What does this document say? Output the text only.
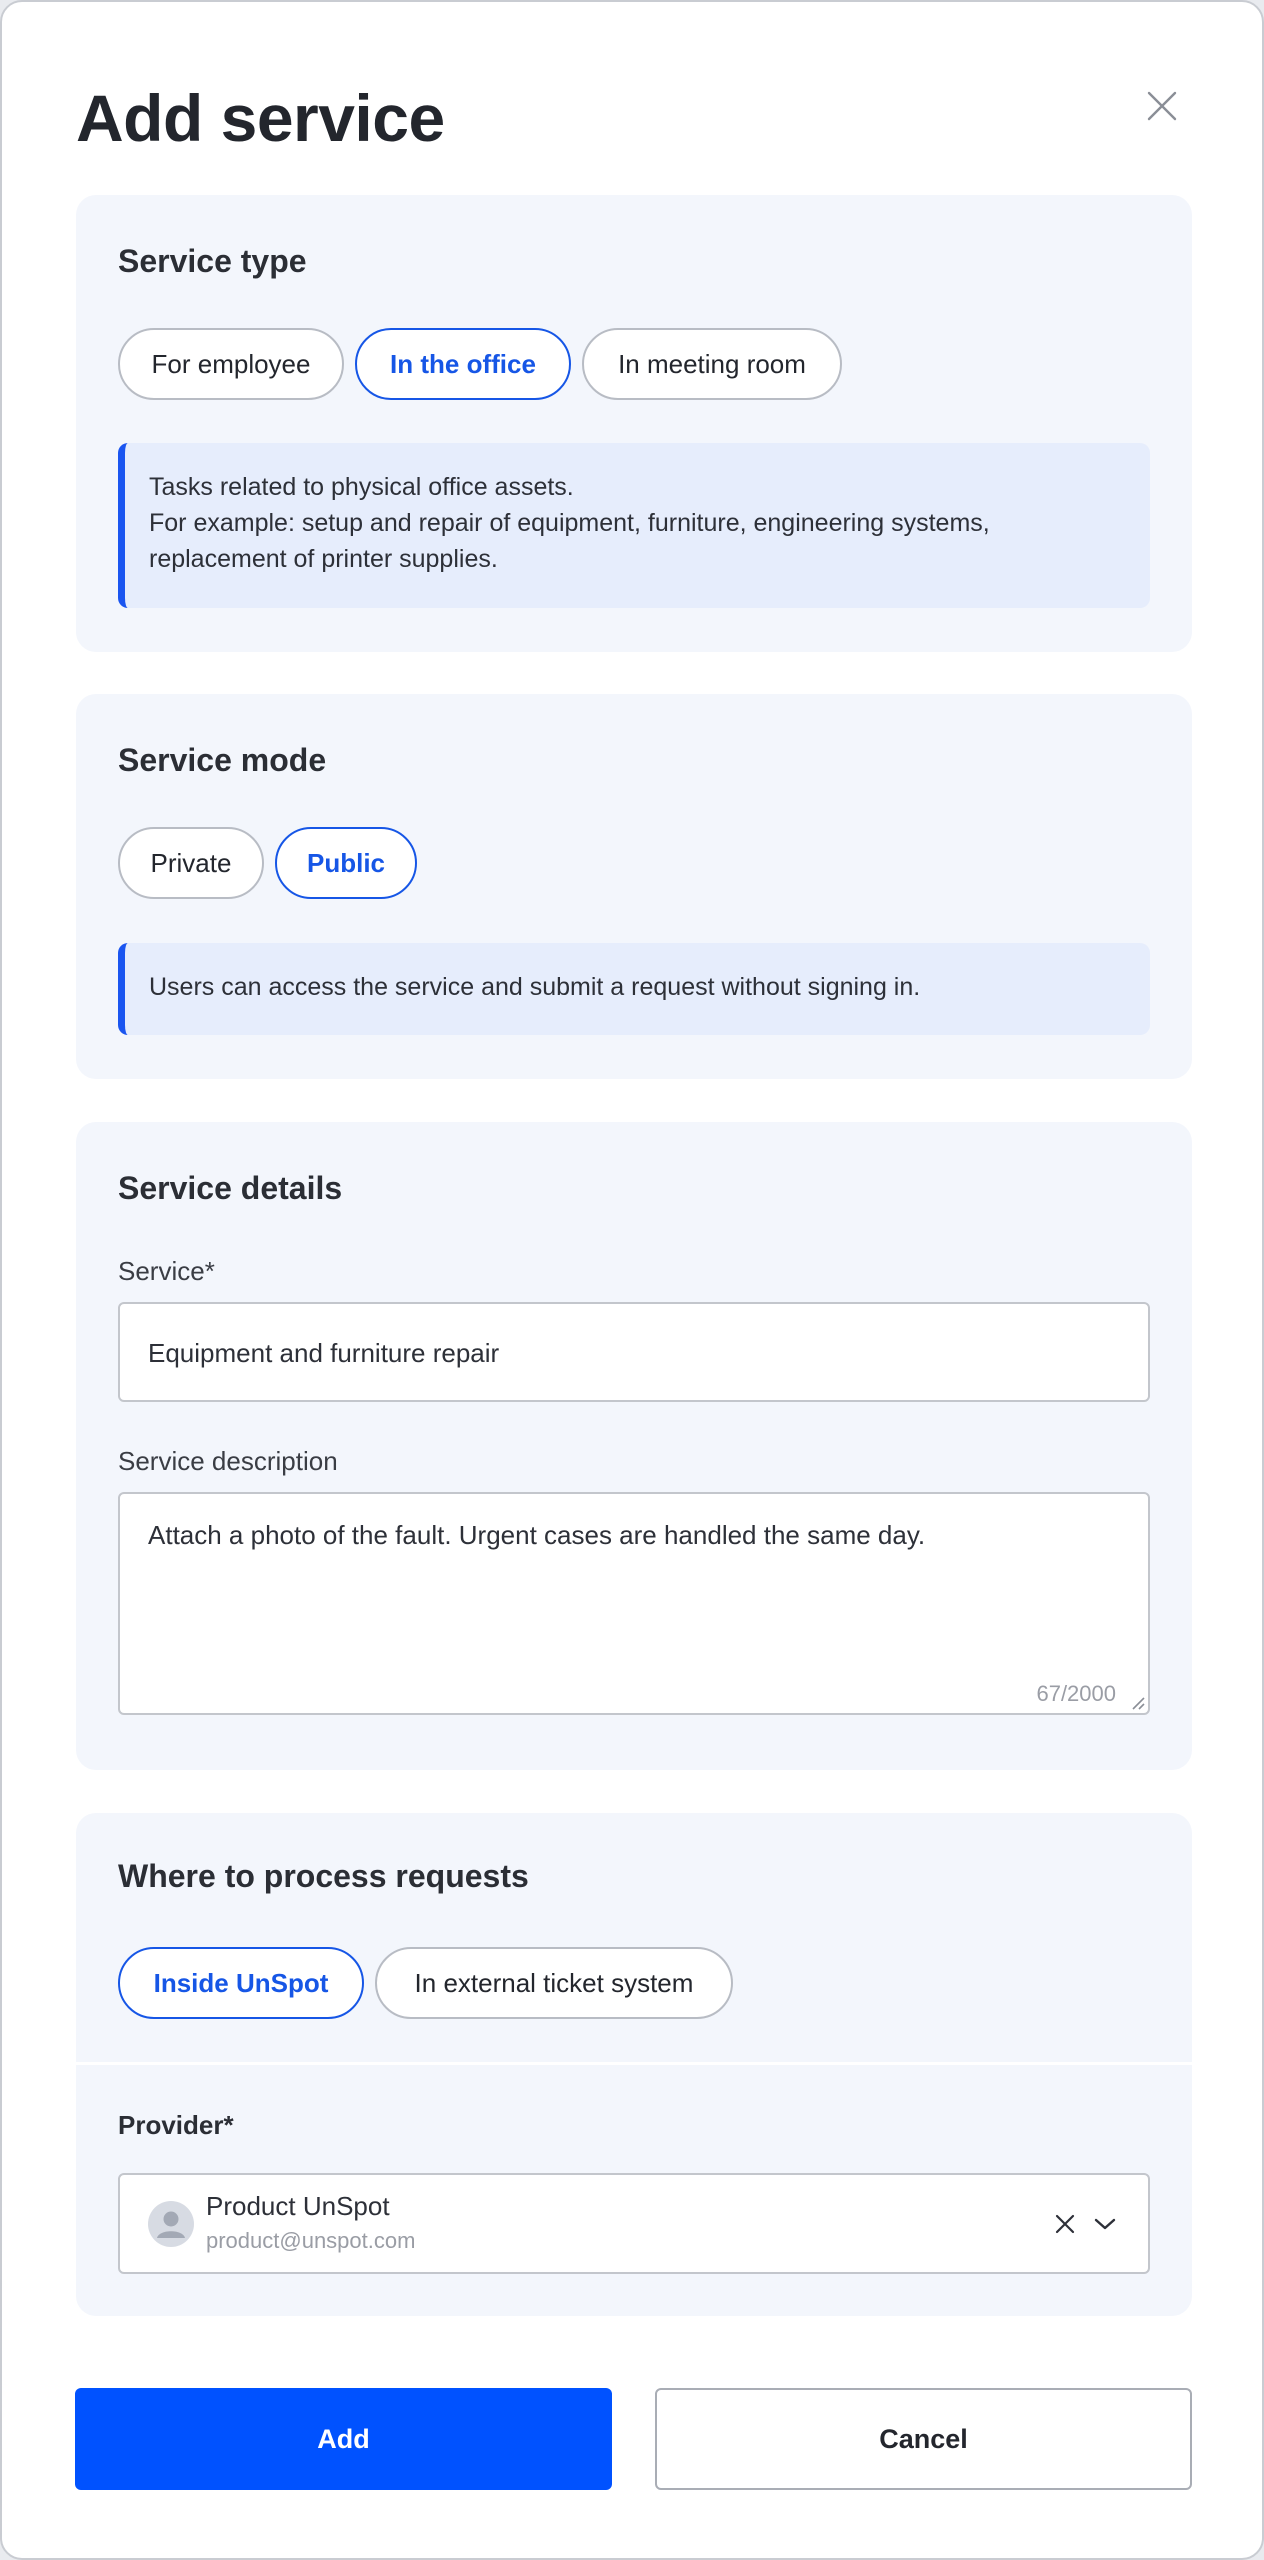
Add service
Service type
For employee	In the office	In meeting room
Tasks related to physical office assets.
For example: setup and repair of equipment, furniture, engineering systems,
replacement of printer supplies.
Service mode
Private	Public
Users can access the service and submit a request without signing in.
Service details
Service*
Equipment and furniture repair
Service description
Attach a photo of the fault. Urgent cases are handled the same day.
67/2000
Where to process requests
Inside UnSpot	In external ticket system
Provider*
Product UnSpot
product@unspot.com
Add	Cancel
